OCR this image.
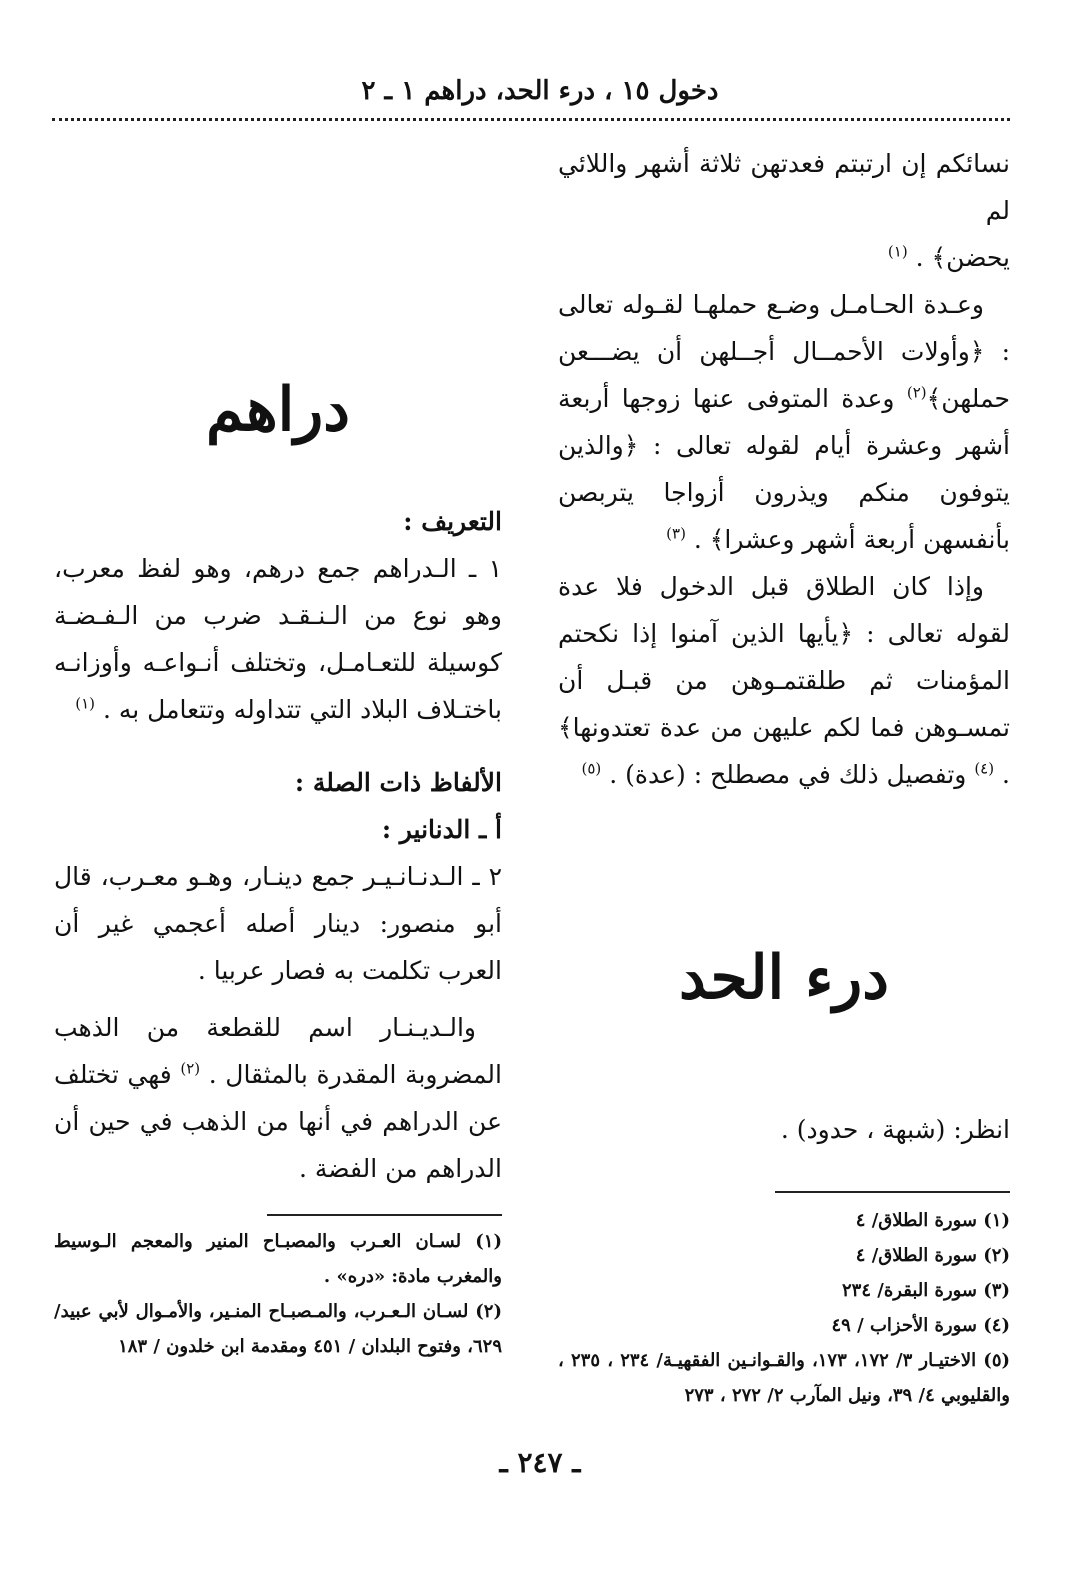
دخول ١٥ ، درء الحد، دراهم ١ ـ ٢

نسائكم إن ارتبتم فعدتهن ثلاثة أشهر واللائي لم
يحضن﴾ . $^{(١)}$

وعـدة الحـامـل وضـع حملهـا لقـوله تعالى : ﴿وأولات الأحمــال أجــلهن أن يضـــعن حملهن﴾$^{(٢)}$ وعدة المتوفى عنها زوجها أربعة أشهر وعشرة أيام لقوله تعالى : ﴿والذين يتوفون منكم ويذرون أزواجا يتربصن بأنفسهن أربعة أشهر وعشرا﴾ . $^{(٣)}$

وإذا كان الطلاق قبل الدخول فلا عدة لقوله تعالى : ﴿يأيها الذين آمنوا إذا نكحتم المؤمنات ثم طلقتمـوهن من قبـل أن تمسـوهن فما لكم عليهن من عدة تعتدونها﴾ . $^{(٤)}$ وتفصيل ذلك في مصطلح : (عدة) . $^{(٥)}$

درء الحد

انظر: (شبهة ، حدود) .

(١) سورة الطلاق/ ٤

(٢) سورة الطلاق/ ٤

(٣) سورة البقرة/ ٢٣٤

(٤) سورة الأحزاب / ٤٩

(٥) الاختيـار ٣/ ١٧٢، ١٧٣، والقـوانـين الفقهيـة/ ٢٣٤ ، ٢٣٥ ، والقليوبي ٤/ ٣٩، ونيل المآرب ٢/ ٢٧٢ ، ٢٧٣

دراهم

التعريف :

١ ـ الـدراهم جمع درهم، وهو لفظ معرب، وهو نوع من الـنـقـد ضرب من الـفـضـة كوسيلة للتعـامـل، وتختلف أنـواعـه وأوزانـه باختـلاف البلاد التي تتداوله وتتعامل به . $^{(١)}$

الألفاظ ذات الصلة :

أ ـ الدنانير :

٢ ـ الـدنـانـيـر جمع دينـار، وهـو معـرب، قال أبو منصور: دينار أصله أعجمي غير أن العرب تكلمت به فصار عربيا .

والـديـنـار اسم للقطعة من الذهب المضروبة المقدرة بالمثقال . $^{(٢)}$ فهي تختلف عن الدراهم في أنها من الذهب في حين أن الدراهم من الفضة .

(١) لسـان العـرب والمصبـاح المنير والمعجم الـوسيط والمغرب مادة: «دره» .

(٢) لسـان الـعـرب، والمـصبـاح المنـير، والأمـوال لأبي عبيد/ ٦٢٩، وفتوح البلدان / ٤٥١ ومقدمة ابن خلدون / ١٨٣

ـ ٢٤٧ ـ
